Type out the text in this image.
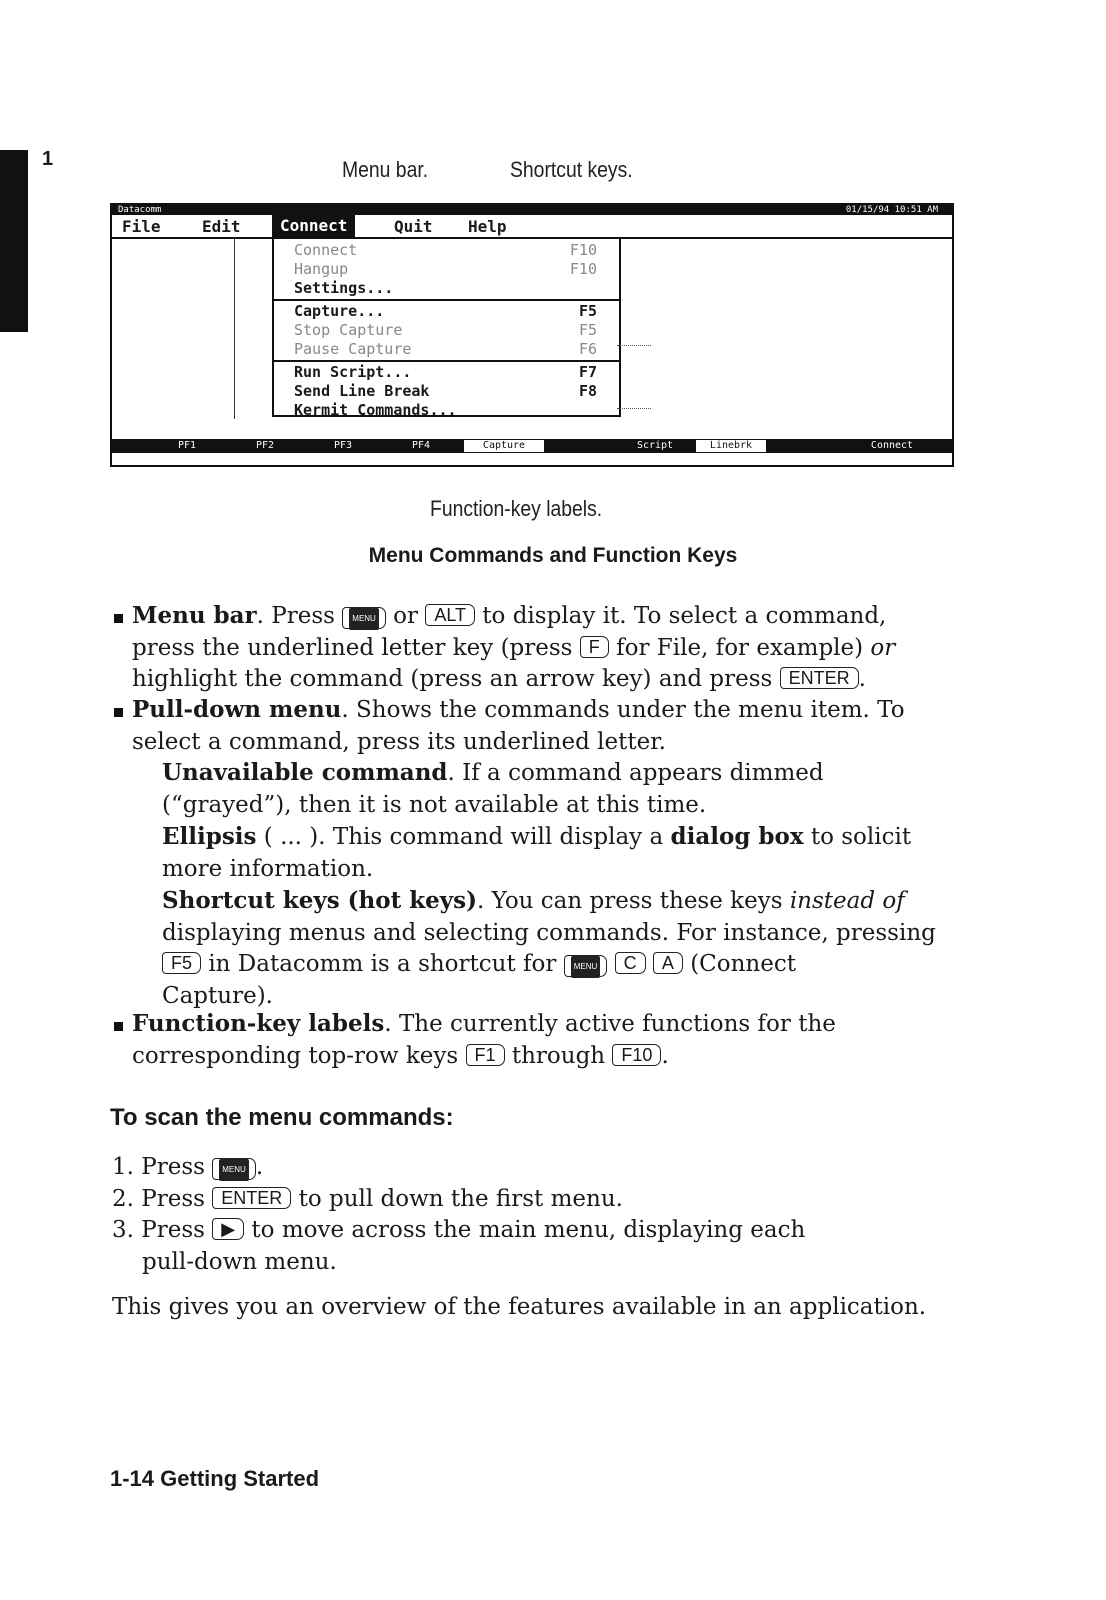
1	Menu bar.	Shortcut keys.
Function-key labels.
Datacomm	01/15/94 10:51 AM
File	Edit	Connect	Quit Help
Connect	F10
Hangup	F10
Settings...
Capture...	F5
Stop Capture	F5
Pause Capture	F6
Run Script...	F7
Send Line Break	F8
Kermit Commands...
PF1	PF2	PF3	PF4	Capture	Script	Linebrk	Connect
Menu Commands and Function Keys
Menu bar. Press MENU or ALT to display it. To select a command,
press the underlined letter key (press F for File, for example) or
highlight the command (press an arrow key) and press ENTER .
Pull-down menu. Shows the commands under the menu item. To
select a command, press its underlined letter.
Unavailable command. If a command appears dimmed
(“grayed”), then it is not available at this time.
Ellipsis ( ... ). This command will display a dialog box to solicit
more information.
Shortcut keys (hot keys). You can press these keys instead of
displaying menus and selecting commands. For instance, pressing
F5 in Datacomm is a shortcut for MENU C A (Connect
Capture).
Function-key labels. The currently active functions for the
corresponding top-row keys F1 through F10 .
To scan the menu commands:
1. Press MENU .
2. Press ENTER to pull down the first menu.
3. Press ▶ to move across the main menu, displaying each
pull-down menu.
This gives you an overview of the features available in an application.
1-14 Getting Started
